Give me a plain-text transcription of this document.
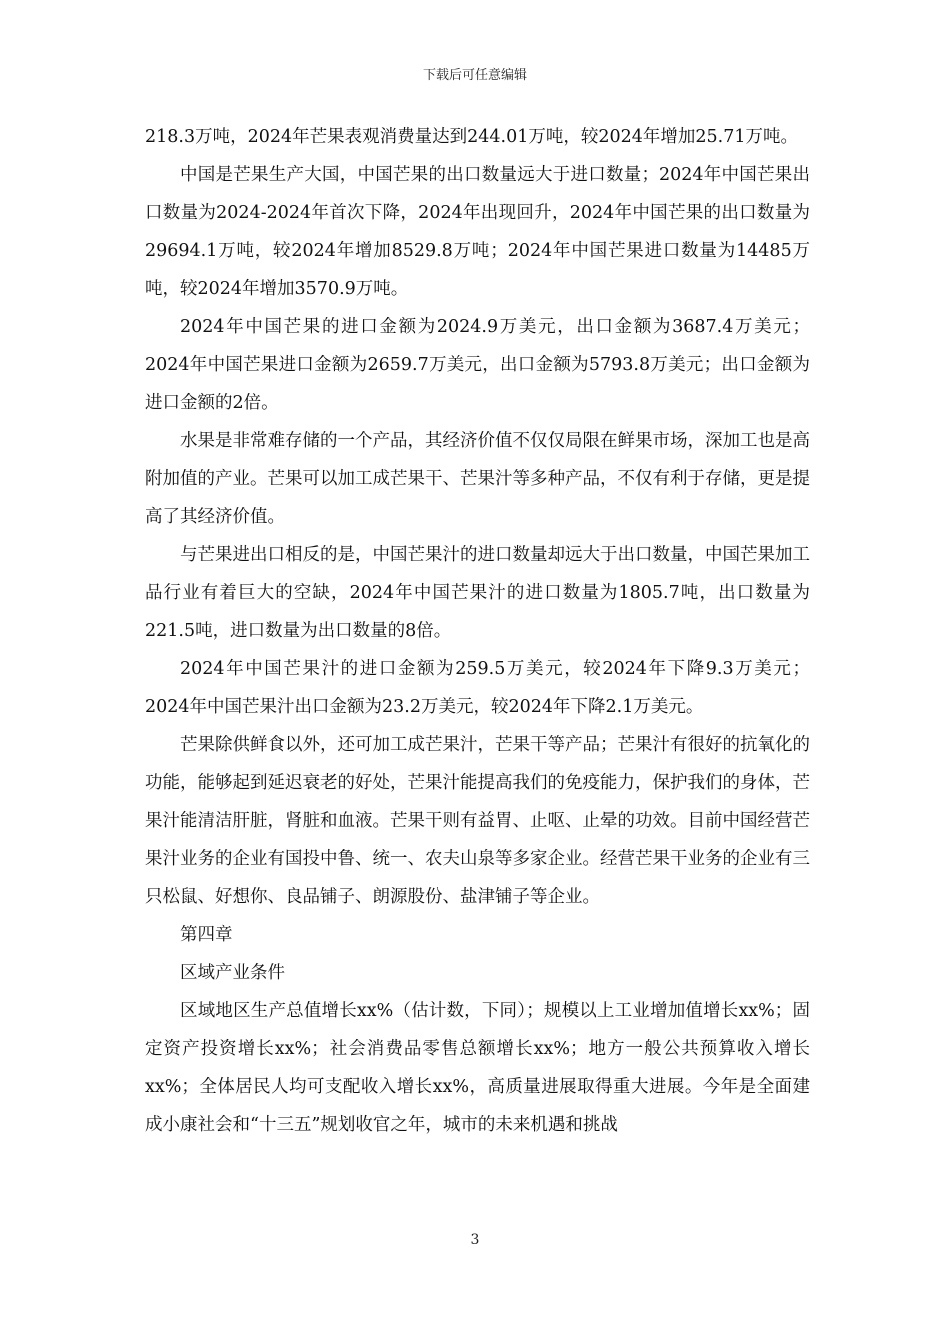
下载后可任意编辑

218.3万吨，2024年芒果表观消费量达到244.01万吨，较2024年增加25.71万吨。

中国是芒果生产大国，中国芒果的出口数量远大于进口数量；2024年中国芒果出口数量为2024-2024年首次下降，2024年出现回升，2024年中国芒果的出口数量为29694.1万吨，较2024年增加8529.8万吨；2024年中国芒果进口数量为14485万吨，较2024年增加3570.9万吨。

2024年中国芒果的进口金额为2024.9万美元，出口金额为3687.4万美元；2024年中国芒果进口金额为2659.7万美元，出口金额为5793.8万美元；出口金额为进口金额的2倍。

水果是非常难存储的一个产品，其经济价值不仅仅局限在鲜果市场，深加工也是高附加值的产业。芒果可以加工成芒果干、芒果汁等多种产品，不仅有利于存储，更是提高了其经济价值。

与芒果进出口相反的是，中国芒果汁的进口数量却远大于出口数量，中国芒果加工品行业有着巨大的空缺，2024年中国芒果汁的进口数量为1805.7吨，出口数量为221.5吨，进口数量为出口数量的8倍。

2024年中国芒果汁的进口金额为259.5万美元，较2024年下降9.3万美元；2024年中国芒果汁出口金额为23.2万美元，较2024年下降2.1万美元。

芒果除供鲜食以外，还可加工成芒果汁，芒果干等产品；芒果汁有很好的抗氧化的功能，能够起到延迟衰老的好处，芒果汁能提高我们的免疫能力，保护我们的身体，芒果汁能清洁肝脏，肾脏和血液。芒果干则有益胃、止呕、止晕的功效。目前中国经营芒果汁业务的企业有国投中鲁、统一、农夫山泉等多家企业。经营芒果干业务的企业有三只松鼠、好想你、良品铺子、朗源股份、盐津铺子等企业。

第四章

区域产业条件

区域地区生产总值增长xx%（估计数，下同）；规模以上工业增加值增长xx%；固定资产投资增长xx%；社会消费品零售总额增长xx%；地方一般公共预算收入增长xx%；全体居民人均可支配收入增长xx%，高质量进展取得重大进展。今年是全面建成小康社会和“十三五”规划收官之年，城市的未来机遇和挑战

3
